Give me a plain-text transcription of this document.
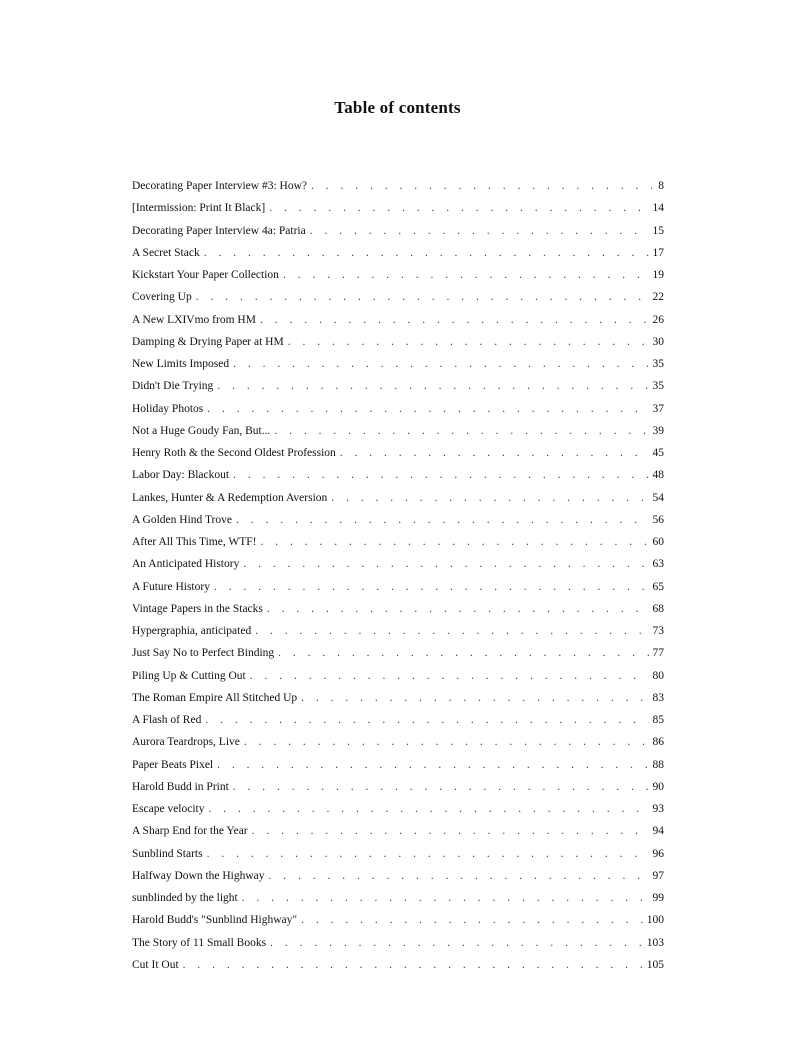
Table of contents
Decorating Paper Interview #3: How? . . .	8
[Intermission: Print It Black] . . .	14
Decorating Paper Interview 4a: Patria . . .	15
A Secret Stack . . .	17
Kickstart Your Paper Collection . . .	19
Covering Up . . .	22
A New LXIVmo from HM . . .	26
Damping & Drying Paper at HM . . .	30
New Limits Imposed . . .	35
Didn't Die Trying . . .	35
Holiday Photos . . .	37
Not a Huge Goudy Fan, But... . . .	39
Henry Roth & the Second Oldest Profession . . .	45
Labor Day: Blackout . . .	48
Lankes, Hunter & A Redemption Aversion . . .	54
A Golden Hind Trove . . .	56
After All This Time, WTF! . . .	60
An Anticipated History . . .	63
A Future History . . .	65
Vintage Papers in the Stacks . . .	68
Hypergraphia, anticipated . . .	73
Just Say No to Perfect Binding . . .	77
Piling Up & Cutting Out . . .	80
The Roman Empire All Stitched Up . . .	83
A Flash of Red . . .	85
Aurora Teardrops, Live . . .	86
Paper Beats Pixel . . .	88
Harold Budd in Print . . .	90
Escape velocity . . .	93
A Sharp End for the Year . . .	94
Sunblind Starts . . .	96
Halfway Down the Highway . . .	97
sunblinded by the light . . .	99
Harold Budd's "Sunblind Highway" . . .	100
The Story of 11 Small Books . . .	103
Cut It Out . . .	105
